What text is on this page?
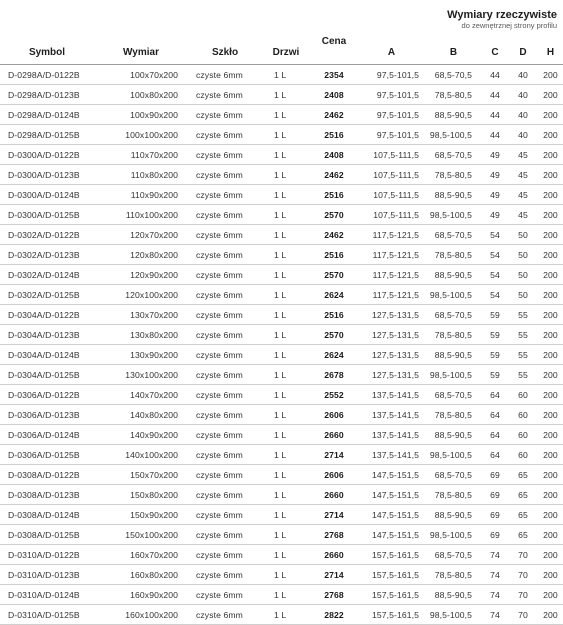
					Wymiary rzeczywiste
do zewnętrznej strony profilu				

Symbol	Wymiar	Szkło	Drzwi	Cena	A	B	C	D	H
D-0298A/D-0122B	100x70x200	czyste 6mm	1 L	2354	97,5-101,5	68,5-70,5	44	40	200
D-0298A/D-0123B	100x80x200	czyste 6mm	1 L	2408	97,5-101,5	78,5-80,5	44	40	200
D-0298A/D-0124B	100x90x200	czyste 6mm	1 L	2462	97,5-101,5	88,5-90,5	44	40	200
D-0298A/D-0125B	100x100x200	czyste 6mm	1 L	2516	97,5-101,5	98,5-100,5	44	40	200
D-0300A/D-0122B	110x70x200	czyste 6mm	1 L	2408	107,5-111,5	68,5-70,5	49	45	200
D-0300A/D-0123B	110x80x200	czyste 6mm	1 L	2462	107,5-111,5	78,5-80,5	49	45	200
D-0300A/D-0124B	110x90x200	czyste 6mm	1 L	2516	107,5-111,5	88,5-90,5	49	45	200
D-0300A/D-0125B	110x100x200	czyste 6mm	1 L	2570	107,5-111,5	98,5-100,5	49	45	200
D-0302A/D-0122B	120x70x200	czyste 6mm	1 L	2462	117,5-121,5	68,5-70,5	54	50	200
D-0302A/D-0123B	120x80x200	czyste 6mm	1 L	2516	117,5-121,5	78,5-80,5	54	50	200
D-0302A/D-0124B	120x90x200	czyste 6mm	1 L	2570	117,5-121,5	88,5-90,5	54	50	200
D-0302A/D-0125B	120x100x200	czyste 6mm	1 L	2624	117,5-121,5	98,5-100,5	54	50	200
D-0304A/D-0122B	130x70x200	czyste 6mm	1 L	2516	127,5-131,5	68,5-70,5	59	55	200
D-0304A/D-0123B	130x80x200	czyste 6mm	1 L	2570	127,5-131,5	78,5-80,5	59	55	200
D-0304A/D-0124B	130x90x200	czyste 6mm	1 L	2624	127,5-131,5	88,5-90,5	59	55	200
D-0304A/D-0125B	130x100x200	czyste 6mm	1 L	2678	127,5-131,5	98,5-100,5	59	55	200
D-0306A/D-0122B	140x70x200	czyste 6mm	1 L	2552	137,5-141,5	68,5-70,5	64	60	200
D-0306A/D-0123B	140x80x200	czyste 6mm	1 L	2606	137,5-141,5	78,5-80,5	64	60	200
D-0306A/D-0124B	140x90x200	czyste 6mm	1 L	2660	137,5-141,5	88,5-90,5	64	60	200
D-0306A/D-0125B	140x100x200	czyste 6mm	1 L	2714	137,5-141,5	98,5-100,5	64	60	200
D-0308A/D-0122B	150x70x200	czyste 6mm	1 L	2606	147,5-151,5	68,5-70,5	69	65	200
D-0308A/D-0123B	150x80x200	czyste 6mm	1 L	2660	147,5-151,5	78,5-80,5	69	65	200
D-0308A/D-0124B	150x90x200	czyste 6mm	1 L	2714	147,5-151,5	88,5-90,5	69	65	200
D-0308A/D-0125B	150x100x200	czyste 6mm	1 L	2768	147,5-151,5	98,5-100,5	69	65	200
D-0310A/D-0122B	160x70x200	czyste 6mm	1 L	2660	157,5-161,5	68,5-70,5	74	70	200
D-0310A/D-0123B	160x80x200	czyste 6mm	1 L	2714	157,5-161,5	78,5-80,5	74	70	200
D-0310A/D-0124B	160x90x200	czyste 6mm	1 L	2768	157,5-161,5	88,5-90,5	74	70	200
D-0310A/D-0125B	160x100x200	czyste 6mm	1 L	2822	157,5-161,5	98,5-100,5	74	70	200
